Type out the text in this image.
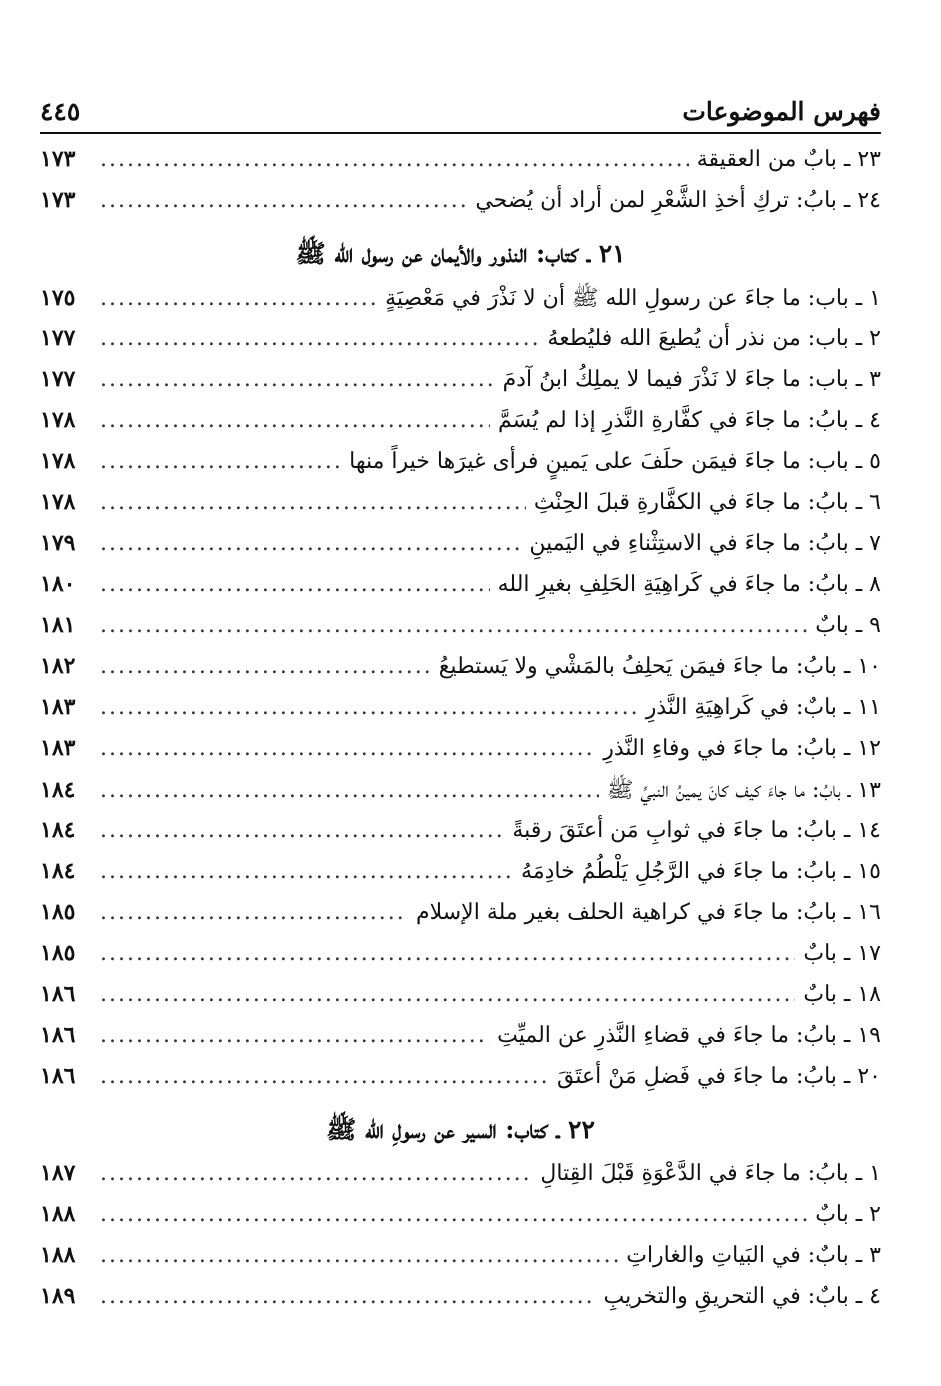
فهرس الموضوعات
٤٤٥
٢٣ ـ بابٌ من العقيقة
.....
١٧٣
٢٤ ـ بابُ: تركِ أخذِ الشَّعْرِ لمن أراد أن يُضحي
.....
١٧٣
٢١ ـ كتاب: النذور والأيمان عن رسول الله ﷺ
١ ـ باب: ما جاءَ عن رسولِ الله ﷺ أن لا نَذْرَ في مَعْصِيَةٍ
.....
١٧٥
٢ ـ باب: من نذر أن يُطيعَ الله فليُطعهُ
.....
١٧٧
٣ ـ باب: ما جاءَ لا نَذْرَ فيما لا يملِكُ ابنُ آدمَ
.....
١٧٧
٤ ـ بابُ: ما جاءَ في كفَّارةِ النَّذرِ إذا لم يُسَمَّ
.....
١٧٨
٥ ـ باب: ما جاءَ فيمَن حلَفَ على يَمينٍ فرأى غيرَها خيراً منها
.....
١٧٨
٦ ـ بابُ: ما جاءَ في الكفَّارةِ قبلَ الحِنْثِ
.....
١٧٨
٧ ـ بابُ: ما جاءَ في الاستِثْناءِ في اليَمينِ
.....
١٧٩
٨ ـ بابُ: ما جاءَ في كَراهِيَةِ الحَلِفِ بغيرِ الله
.....
١٨٠
٩ ـ بابٌ
.....
١٨١
١٠ ـ بابُ: ما جاءَ فيمَن يَحلِفُ بالمَشْي ولا يَستطيعُ
.....
١٨٢
١١ ـ بابٌ: في كَراهِيَةِ النَّذرِ
.....
١٨٣
١٢ ـ بابُ: ما جاءَ في وفاءِ النَّذرِ
.....
١٨٣
١٣ ـ بابُ: ما جاءَ كيف كانَ يمينُ النبيِّ ﷺ
.....
١٨٤
١٤ ـ بابُ: ما جاءَ في ثوابِ مَن أعتَقَ رقبةً
.....
١٨٤
١٥ ـ بابُ: ما جاءَ في الرَّجُلِ يَلْطُمُ خادِمَهُ
.....
١٨٤
١٦ ـ بابُ: ما جاءَ في كراهية الحلف بغير ملة الإسلام
.....
١٨٥
١٧ ـ بابٌ
.....
١٨٥
١٨ ـ بابٌ
.....
١٨٦
١٩ ـ بابُ: ما جاءَ في قضاءِ النَّذرِ عن الميِّتِ
.....
١٨٦
٢٠ ـ بابُ: ما جاءَ في فَضلِ مَنْ أعتَقَ
.....
١٨٦
٢٢ ـ كتاب: السير عن رسولِ الله ﷺ
١ ـ بابُ: ما جاءَ في الدَّعْوَةِ قَبْلَ القِتالِ
.....
١٨٧
٢ ـ بابٌ
.....
١٨٨
٣ ـ بابٌ: في البَياتِ والغاراتِ
.....
١٨٨
٤ ـ بابٌ: في التحريقِ والتخريبِ
.....
١٨٩
